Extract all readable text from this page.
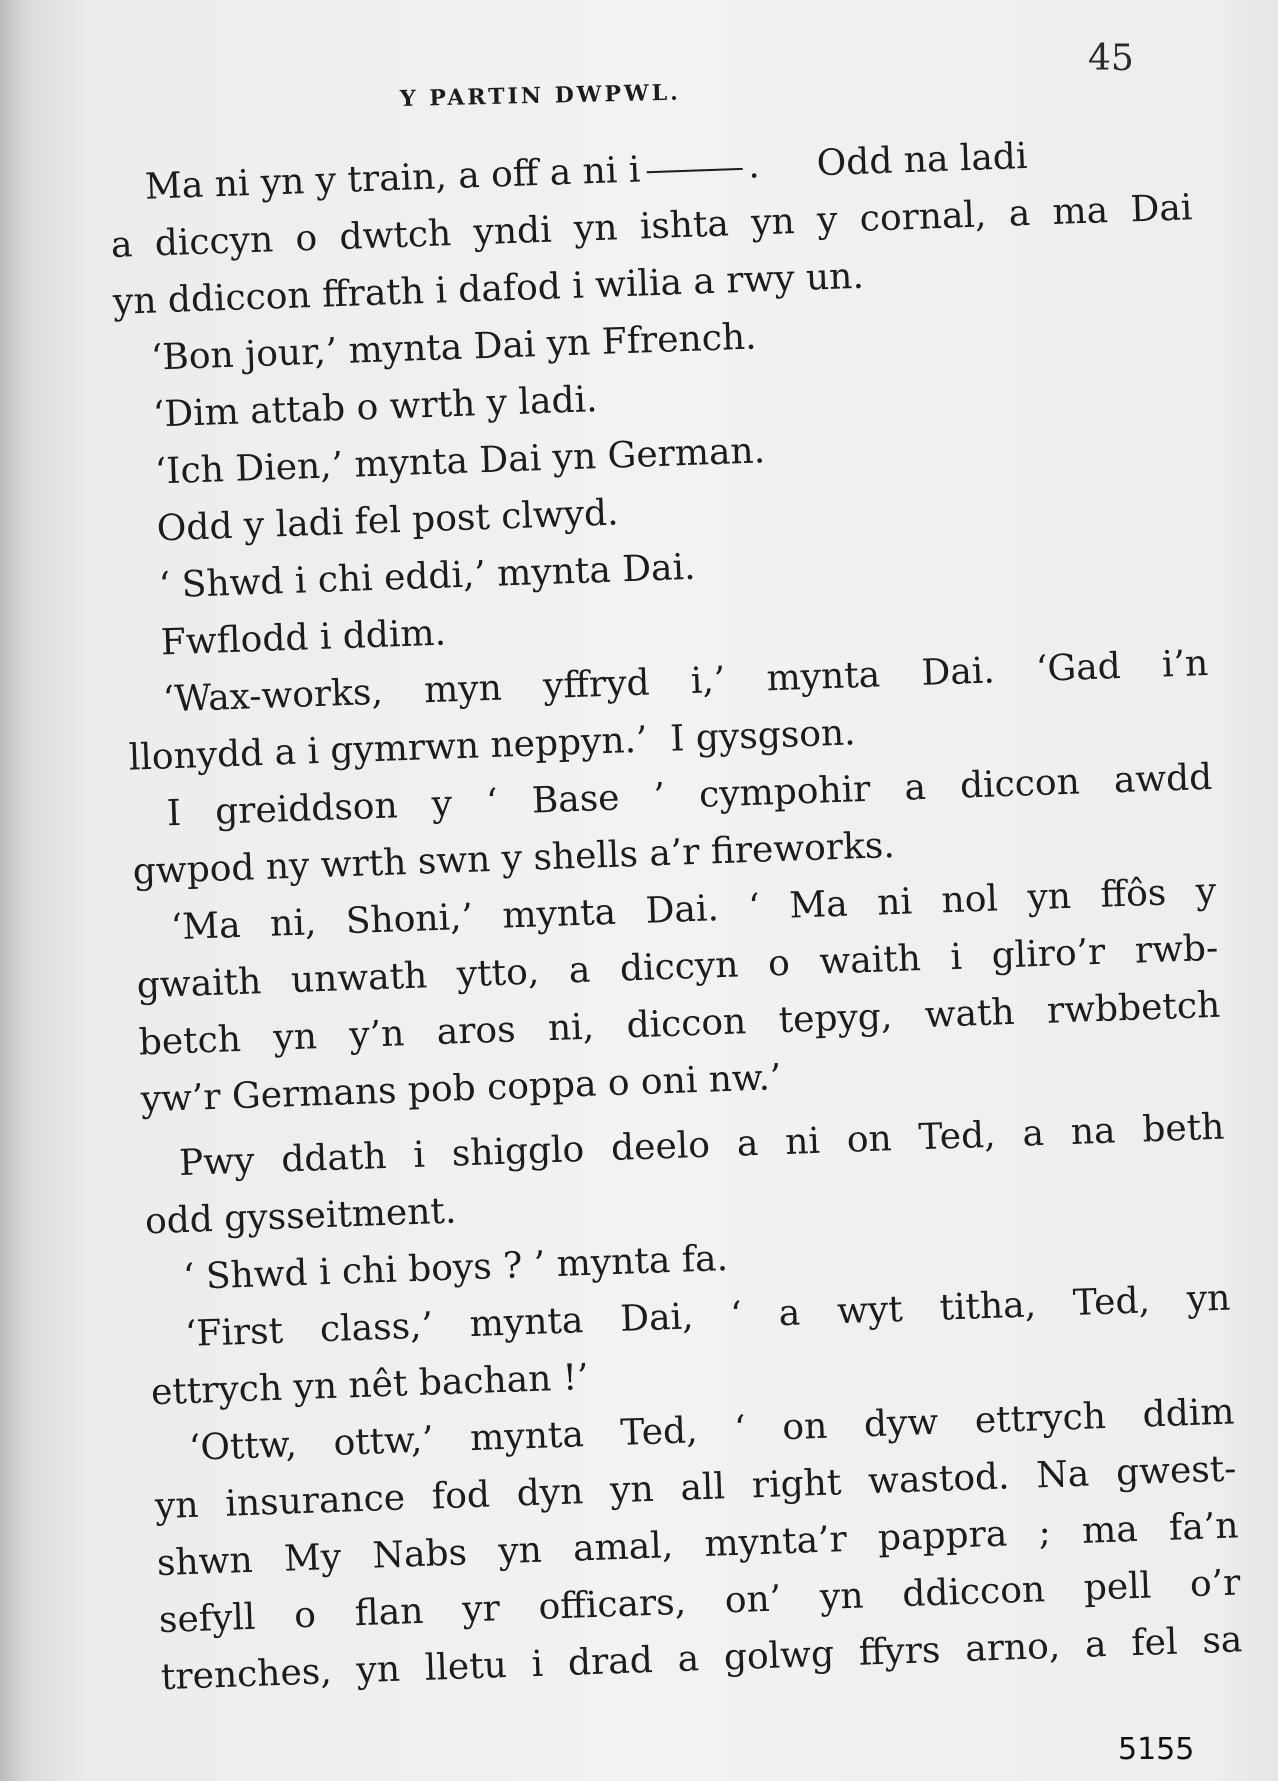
45
Y PARTIN DWPWL.
Ma ni yn y train, a off a ni i	.     Odd na ladi
a diccyn o dwtch yndi yn ishta yn y cornal, a ma Dai
yn ddiccon ffrath i dafod i wilia a rwy un.
‘Bon jour,’ mynta Dai yn Ffrench.
‘Dim attab o wrth y ladi.
‘Ich Dien,’ mynta Dai yn German.
Odd y ladi fel post clwyd.
‘ Shwd i chi eddi,’ mynta Dai.
Fwflodd i ddim.
‘Wax-works, myn yffryd i,’ mynta Dai. ‘Gad i’n
llonydd a i gymrwn neppyn.’  I gysgson.
I greiddson y ‘ Base ’ cympohir a diccon awdd
gwpod ny wrth swn y shells a’r fireworks.
‘Ma ni, Shoni,’ mynta Dai. ‘ Ma ni nol yn ffôs y
gwaith unwath ytto, a diccyn o waith i gliro’r rwb-
betch yn y’n aros ni, diccon tepyg, wath rwbbetch
yw’r Germans pob coppa o oni nw.’
Pwy ddath i shigglo deelo a ni on Ted, a na beth
odd gysseitment.
‘ Shwd i chi boys ? ’ mynta fa.
‘First class,’ mynta Dai, ‘ a wyt titha, Ted, yn
ettrych yn nêt bachan !’
‘Ottw, ottw,’ mynta Ted, ‘ on dyw ettrych ddim
yn insurance fod dyn yn all right wastod. Na gwest-
shwn My Nabs yn amal, mynta’r pappra ; ma fa’n
sefyll o flan yr officars, on’ yn ddiccon pell o’r
trenches, yn lletu i drad a golwg ffyrs arno, a fel sa
5155
